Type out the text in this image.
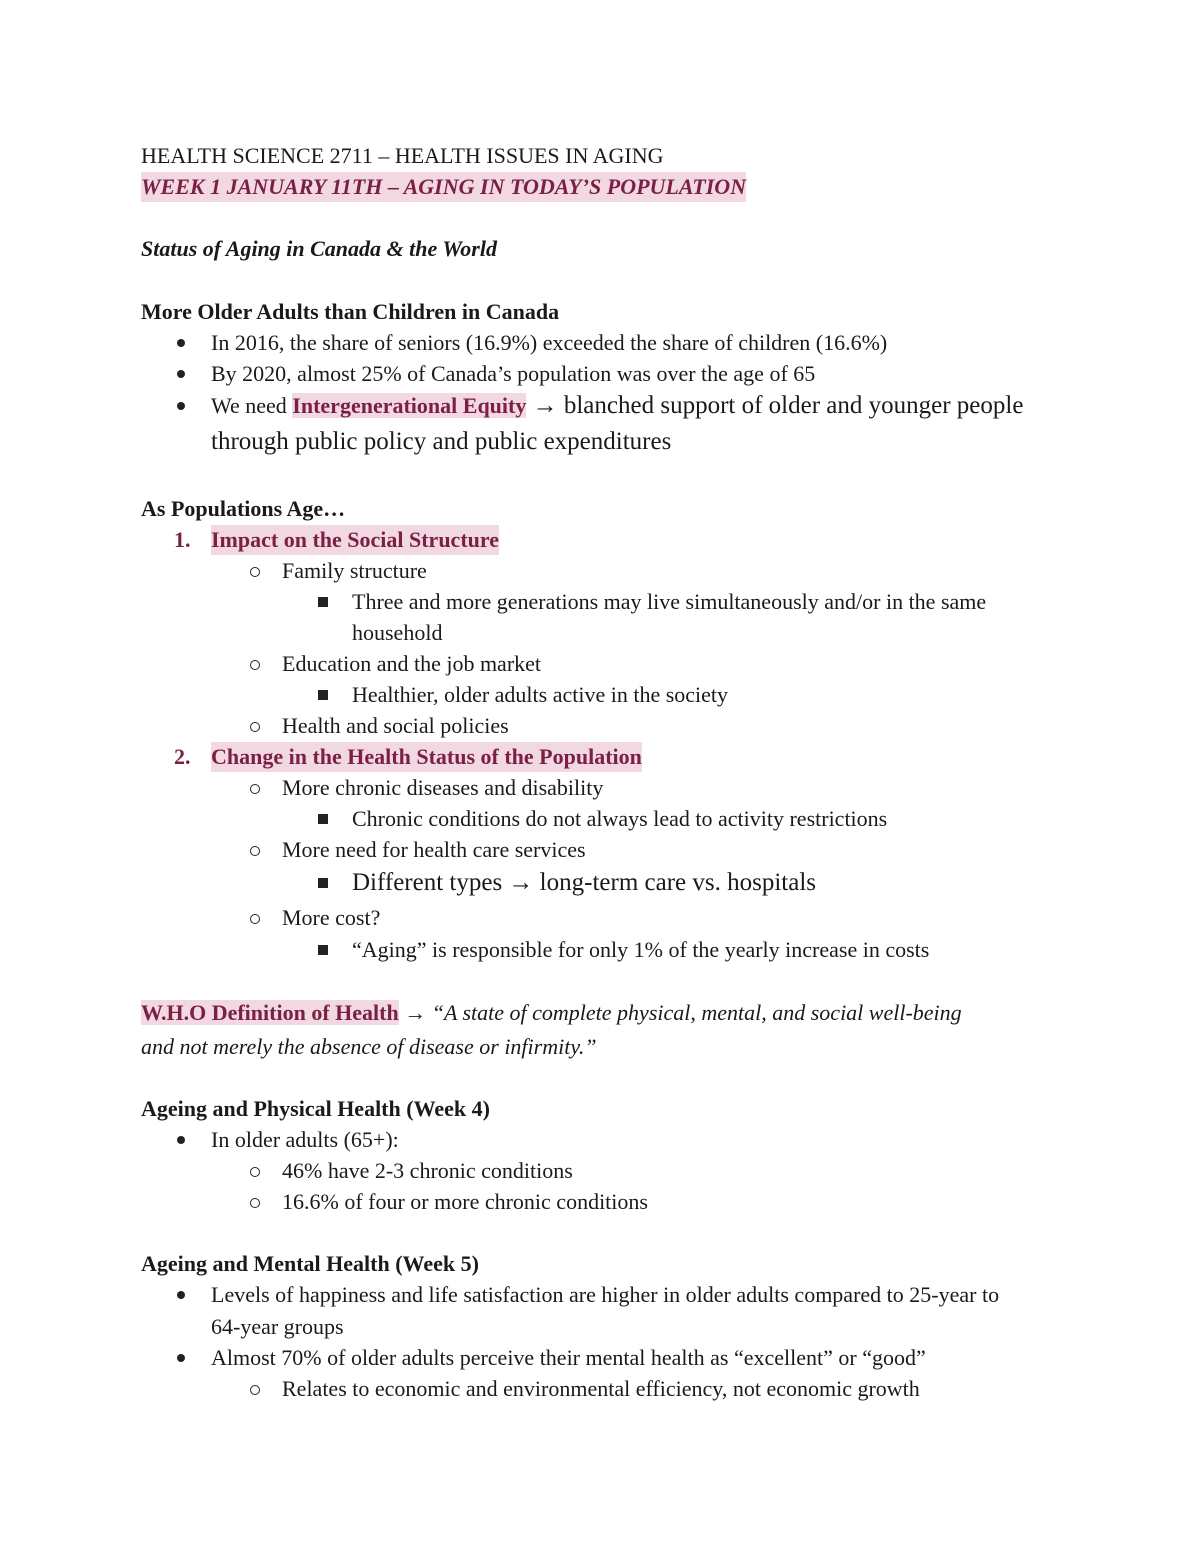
HEALTH SCIENCE 2711 – HEALTH ISSUES IN AGING
WEEK 1 JANUARY 11TH – AGING IN TODAY’S POPULATION
Status of Aging in Canada & the World
More Older Adults than Children in Canada
In 2016, the share of seniors (16.9%) exceeded the share of children (16.6%)
By 2020, almost 25% of Canada’s population was over the age of 65
We need Intergenerational Equity → blanched support of older and younger people
through public policy and public expenditures
As Populations Age…
1. Impact on the Social Structure
Family structure
Three and more generations may live simultaneously and/or in the same
household
Education and the job market
Healthier, older adults active in the society
Health and social policies
2. Change in the Health Status of the Population
More chronic diseases and disability
Chronic conditions do not always lead to activity restrictions
More need for health care services
Different types → long-term care vs. hospitals
More cost?
“Aging” is responsible for only 1% of the yearly increase in costs
W.H.O Definition of Health → “A state of complete physical, mental, and social well-being
and not merely the absence of disease or infirmity.”
Ageing and Physical Health (Week 4)
In older adults (65+):
46% have 2-3 chronic conditions
16.6% of four or more chronic conditions
Ageing and Mental Health (Week 5)
Levels of happiness and life satisfaction are higher in older adults compared to 25-year to
64-year groups
Almost 70% of older adults perceive their mental health as “excellent” or “good”
Relates to economic and environmental efficiency, not economic growth
